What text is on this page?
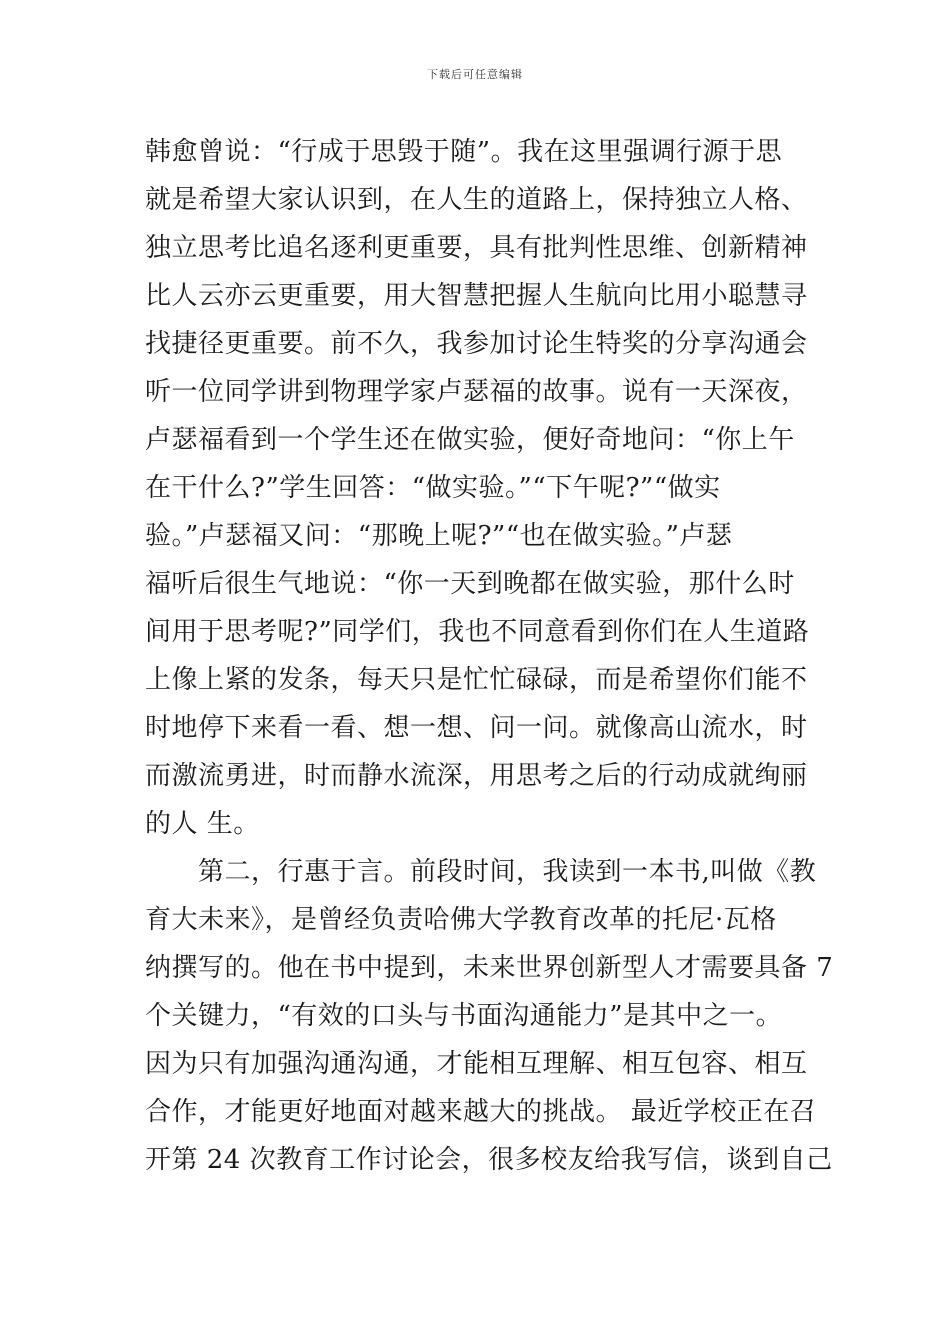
下载后可任意编辑
韩愈曾说：“行成于思毁于随”。我在这里强调行源于思
就是希望大家认识到，在人生的道路上，保持独立人格、
独立思考比追名逐利更重要，具有批判性思维、创新精神
比人云亦云更重要，用大智慧把握人生航向比用小聪慧寻
找捷径更重要。前不久，我参加讨论生特奖的分享沟通会
听一位同学讲到物理学家卢瑟福的故事。说有一天深夜，
卢瑟福看到一个学生还在做实验，便好奇地问：“你上午
在干什么?”学生回答：“做实验。”“下午呢?”“做实
验。”卢瑟福又问：“那晚上呢?”“也在做实验。”卢瑟
福听后很生气地说：“你一天到晚都在做实验，那什么时
间用于思考呢?”同学们，我也不同意看到你们在人生道路
上像上紧的发条，每天只是忙忙碌碌，而是希望你们能不
时地停下来看一看、想一想、问一问。就像高山流水，时
而激流勇进，时而静水流深，用思考之后的行动成就绚丽
的人 生。
　　第二，行惠于言。前段时间，我读到一本书,叫做《教
育大未来》，是曾经负责哈佛大学教育改革的托尼·瓦格
纳撰写的。他在书中提到，未来世界创新型人才需要具备 7
个关键力，“有效的口头与书面沟通能力”是其中之一。
因为只有加强沟通沟通，才能相互理解、相互包容、相互
合作，才能更好地面对越来越大的挑战。 最近学校正在召
开第 24 次教育工作讨论会，很多校友给我写信，谈到自己
